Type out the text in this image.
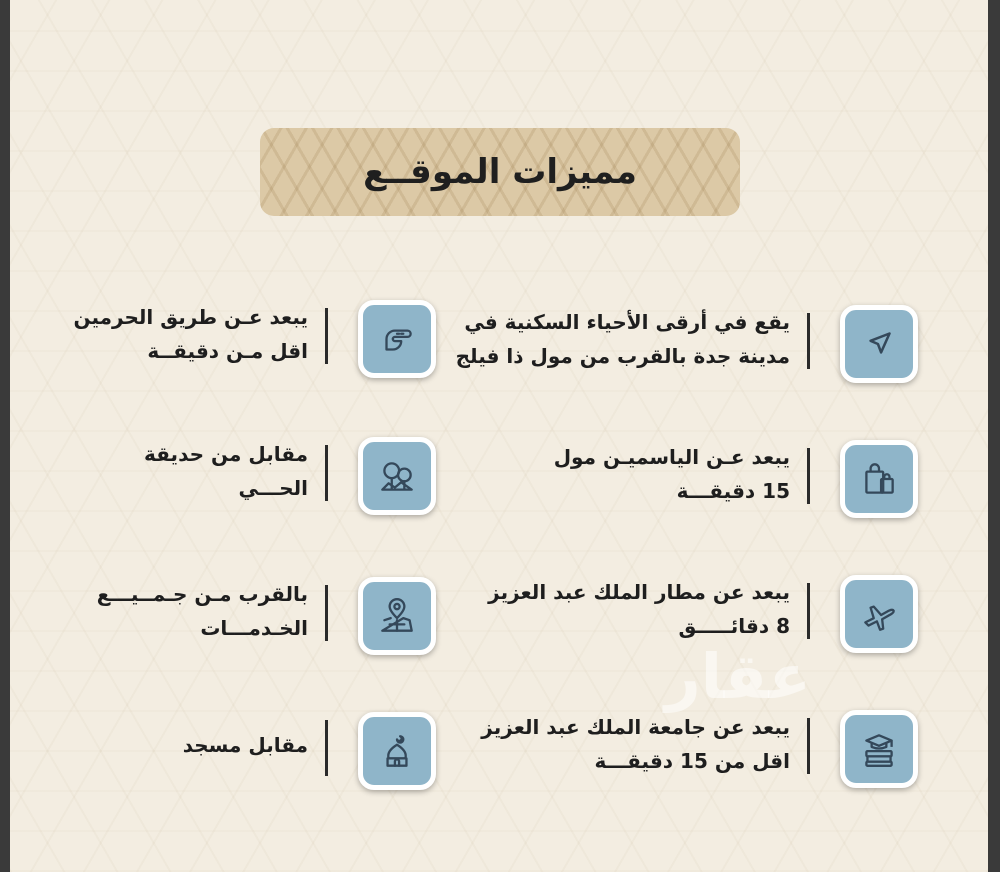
مميزات الموقــع
يقع في أرقى الأحياء السكنية في
مدينة جدة بالقرب من مول ذا فيلج
يبعد عـن الياسميـن مول
15 دقيقـــة
يبعد عن مطار الملك عبد العزيز
8 دقائـــــق
يبعد عن جامعة الملك عبد العزيز
اقل من 15 دقيقـــة
يبعد عـن طريق الحرمين
اقل مـن دقيقــة
مقابل من حديقة
الحـــي
بالقرب مـن جـمــيـــع
الخـدمـــات
مقابل مسجد
عقار
